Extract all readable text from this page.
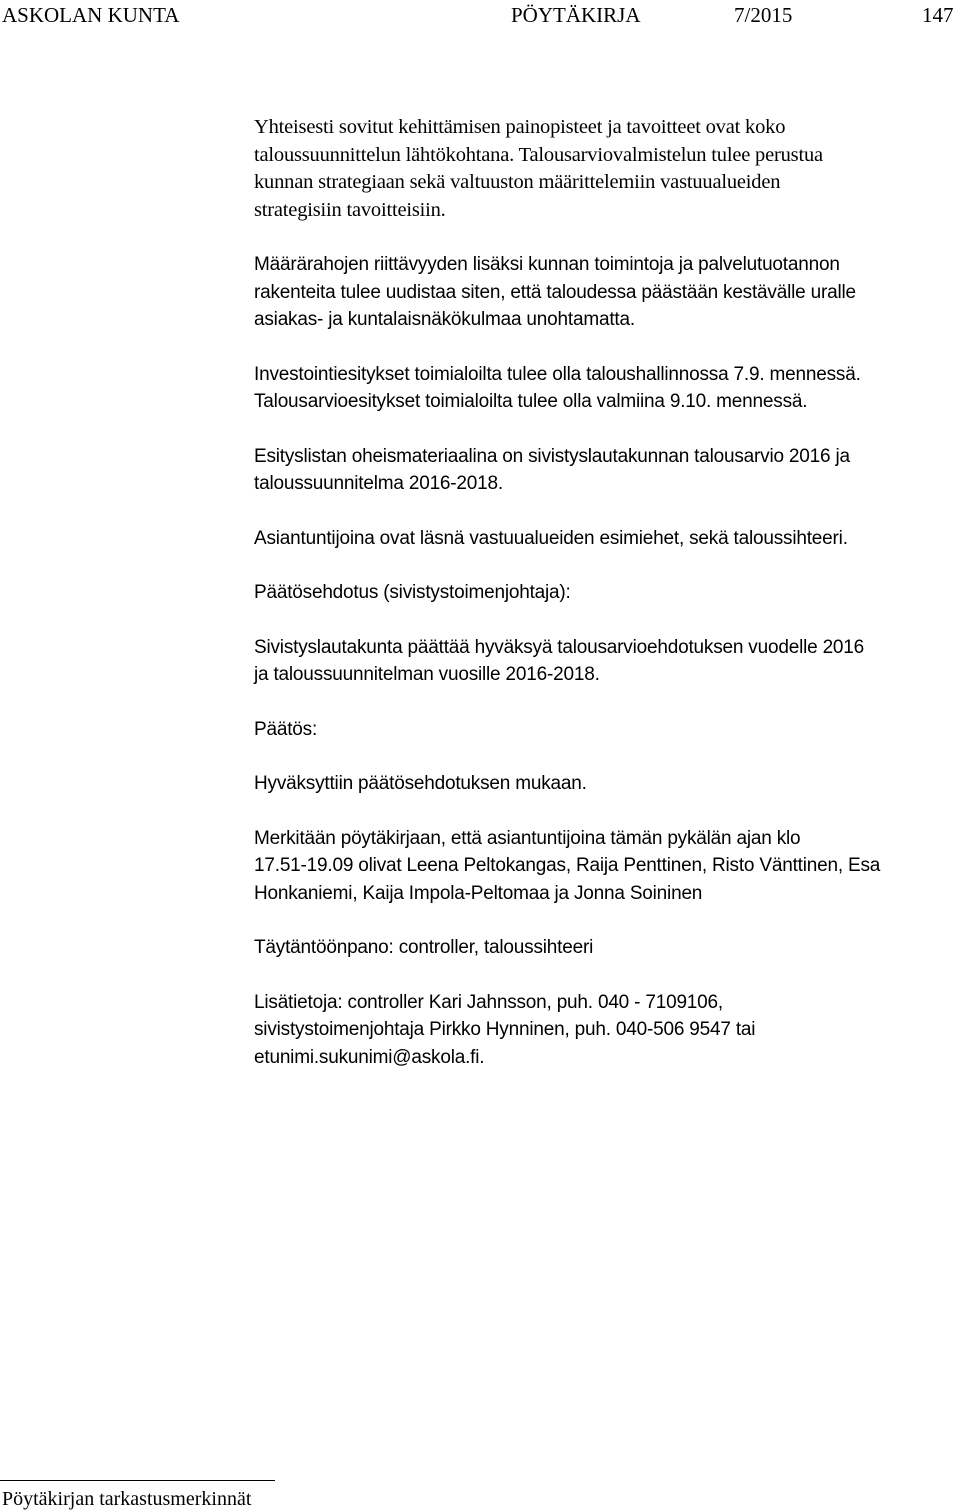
ASKOLAN KUNTA	PÖYTÄKIRJA	7/2015	147

Yhteisesti sovitut kehittämisen painopisteet ja tavoitteet ovat koko
taloussuunnittelun lähtökohtana. Talousarviovalmistelun tulee perustua
kunnan strategiaan sekä valtuuston määrittelemiin vastuualueiden
strategisiin tavoitteisiin.

Määrärahojen riittävyyden lisäksi kunnan toimintoja ja palvelutuotannon
rakenteita tulee uudistaa siten, että taloudessa päästään kestävälle uralle
asiakas- ja kuntalaisnäkökulmaa unohtamatta.

Investointiesitykset toimialoilta tulee olla taloushallinnossa 7.9. mennessä.
Talousarvioesitykset toimialoilta tulee olla valmiina 9.10. mennessä.

Esityslistan oheismateriaalina on sivistyslautakunnan talousarvio 2016 ja
taloussuunnitelma 2016-2018.

Asiantuntijoina ovat läsnä vastuualueiden esimiehet, sekä taloussihteeri.

Päätösehdotus (sivistystoimenjohtaja):

Sivistyslautakunta päättää hyväksyä talousarvioehdotuksen vuodelle 2016
ja taloussuunnitelman vuosille 2016-2018.

Päätös:

Hyväksyttiin päätösehdotuksen mukaan.

Merkitään pöytäkirjaan, että asiantuntijoina tämän pykälän ajan klo
17.51-19.09 olivat Leena Peltokangas, Raija Penttinen, Risto Vänttinen, Esa
Honkaniemi, Kaija Impola-Peltomaa ja Jonna Soininen

Täytäntöönpano: controller, taloussihteeri

Lisätietoja: controller Kari Jahnsson, puh. 040 - 7109106,
sivistystoimenjohtaja Pirkko Hynninen, puh. 040-506 9547 tai
etunimi.sukunimi@askola.fi.

Pöytäkirjan tarkastusmerkinnät
